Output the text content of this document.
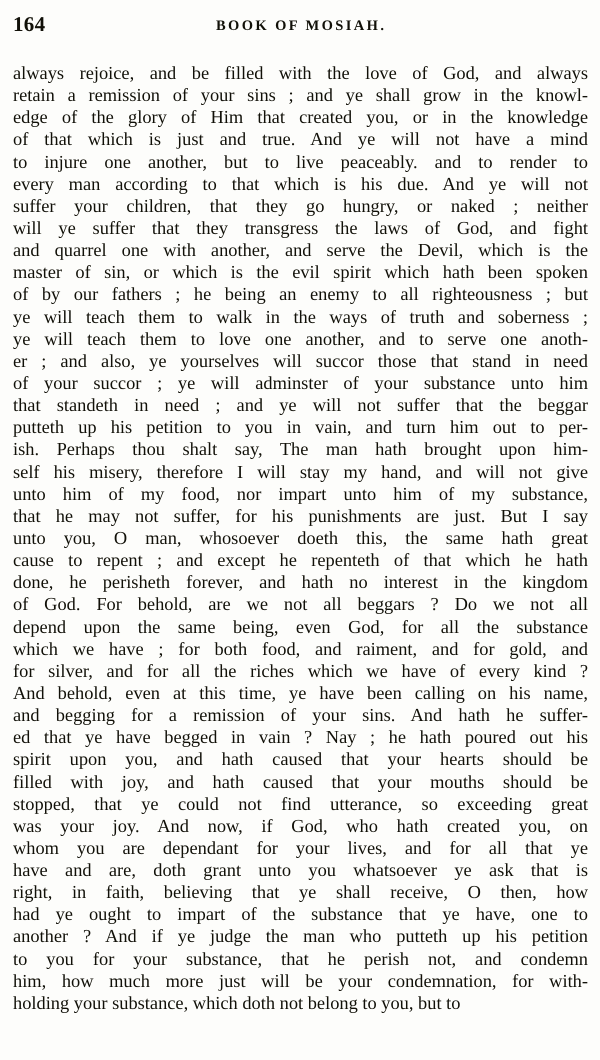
164	BOOK OF MOSIAH.
always rejoice, and be filled with the love of God, and always
retain a remission of your sins ; and ye shall grow in the knowl-
edge of the glory of Him that created you, or in the knowledge
of that which is just and true. And ye will not have a mind
to injure one another, but to live peaceably. and to render to
every man according to that which is his due. And ye will not
suffer your children, that they go hungry, or naked ; neither
will ye suffer that they transgress the laws of God, and fight
and quarrel one with another, and serve the Devil, which is the
master of sin, or which is the evil spirit which hath been spoken
of by our fathers ; he being an enemy to all righteousness ; but
ye will teach them to walk in the ways of truth and soberness ;
ye will teach them to love one another, and to serve one anoth-
er ; and also, ye yourselves will succor those that stand in need
of your succor ; ye will adminster of your substance unto him
that standeth in need ; and ye will not suffer that the beggar
putteth up his petition to you in vain, and turn him out to per-
ish. Perhaps thou shalt say, The man hath brought upon him-
self his misery, therefore I will stay my hand, and will not give
unto him of my food, nor impart unto him of my substance,
that he may not suffer, for his punishments are just. But I say
unto you, O man, whosoever doeth this, the same hath great
cause to repent ; and except he repenteth of that which he hath
done, he perisheth forever, and hath no interest in the kingdom
of God. For behold, are we not all beggars ? Do we not all
depend upon the same being, even God, for all the substance
which we have ; for both food, and raiment, and for gold, and
for silver, and for all the riches which we have of every kind ?
And behold, even at this time, ye have been calling on his name,
and begging for a remission of your sins. And hath he suffer-
ed that ye have begged in vain ? Nay ; he hath poured out his
spirit upon you, and hath caused that your hearts should be
filled with joy, and hath caused that your mouths should be
stopped, that ye could not find utterance, so exceeding great
was your joy. And now, if God, who hath created you, on
whom you are dependant for your lives, and for all that ye
have and are, doth grant unto you whatsoever ye ask that is
right, in faith, believing that ye shall receive, O then, how
had ye ought to impart of the substance that ye have, one to
another ? And if ye judge the man who putteth up his petition
to you for your substance, that he perish not, and condemn
him, how much more just will be your condemnation, for with-
holding your substance, which doth not belong to you, but to
